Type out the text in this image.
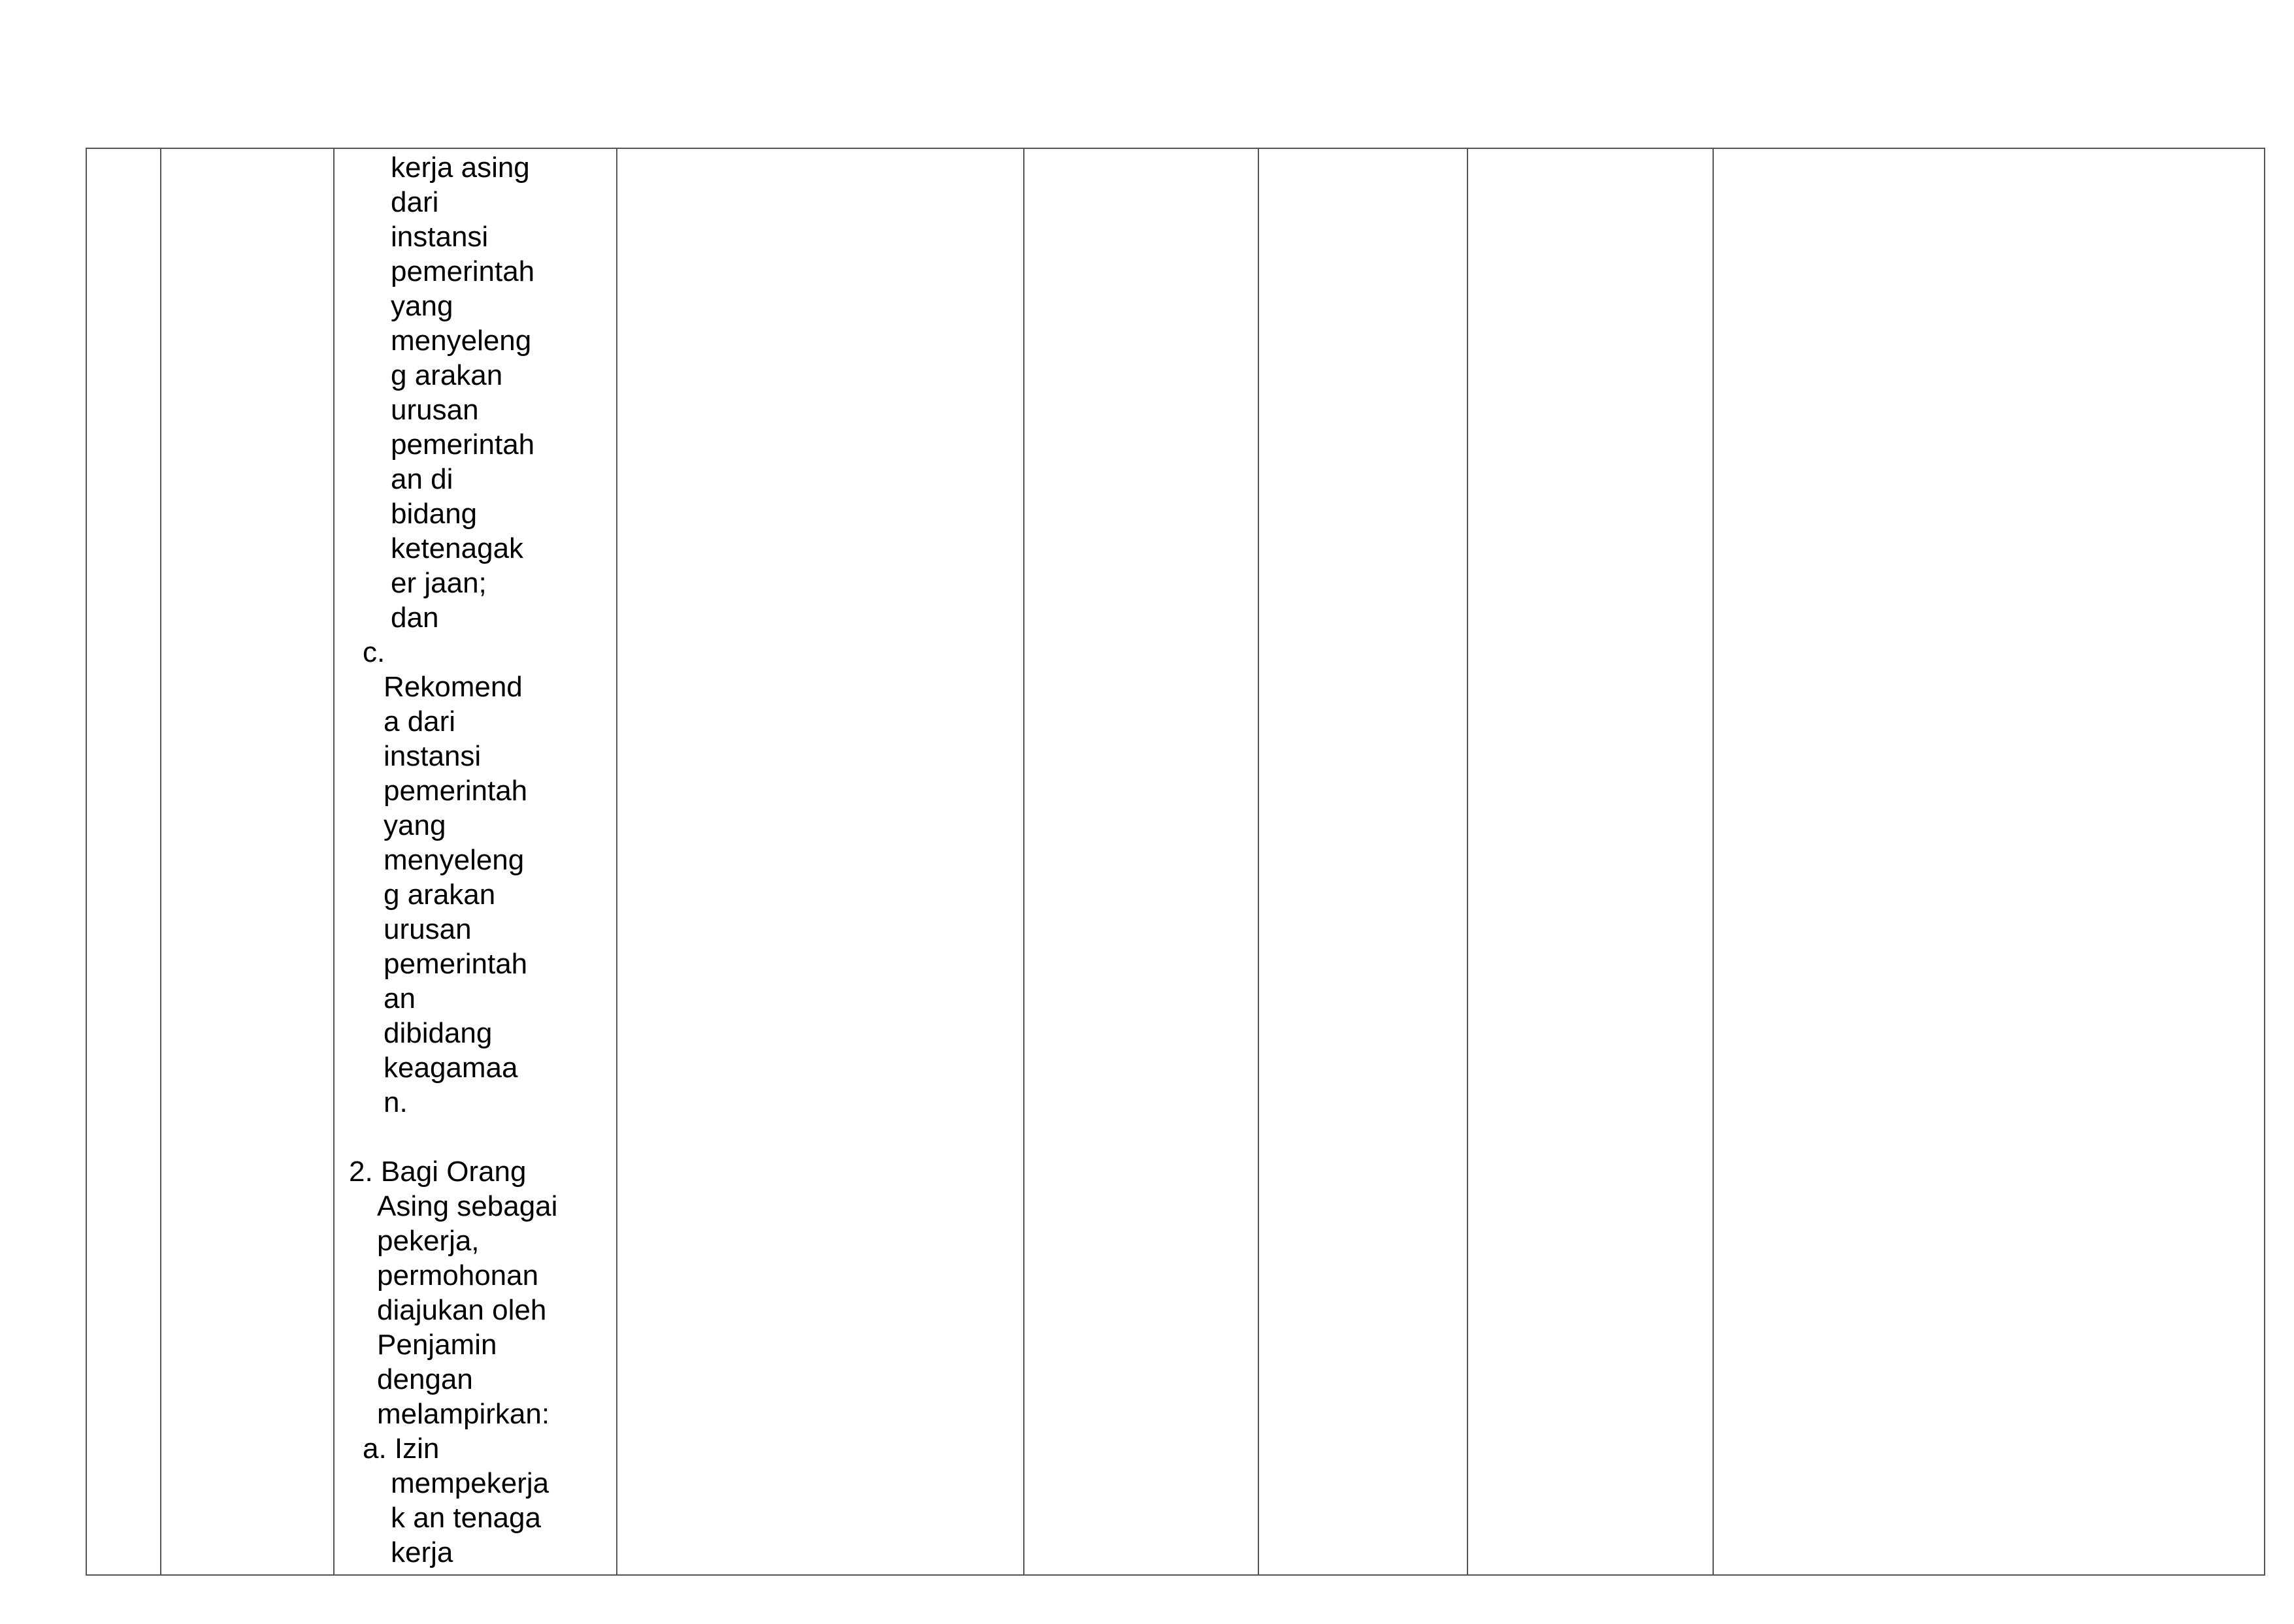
kerja asing
dari
instansi
pemerintah
yang
menyeleng
g arakan
urusan
pemerintah
an di
bidang
ketenagak
er jaan;
dan
c.
Rekomend
a dari
instansi
pemerintah
yang
menyeleng
g arakan
urusan
pemerintah
an
dibidang
keagamaa
n.
2. Bagi Orang
Asing sebagai
pekerja,
permohonan
diajukan oleh
Penjamin
dengan
melampirkan:
a. Izin
mempekerja
k an tenaga
kerja
